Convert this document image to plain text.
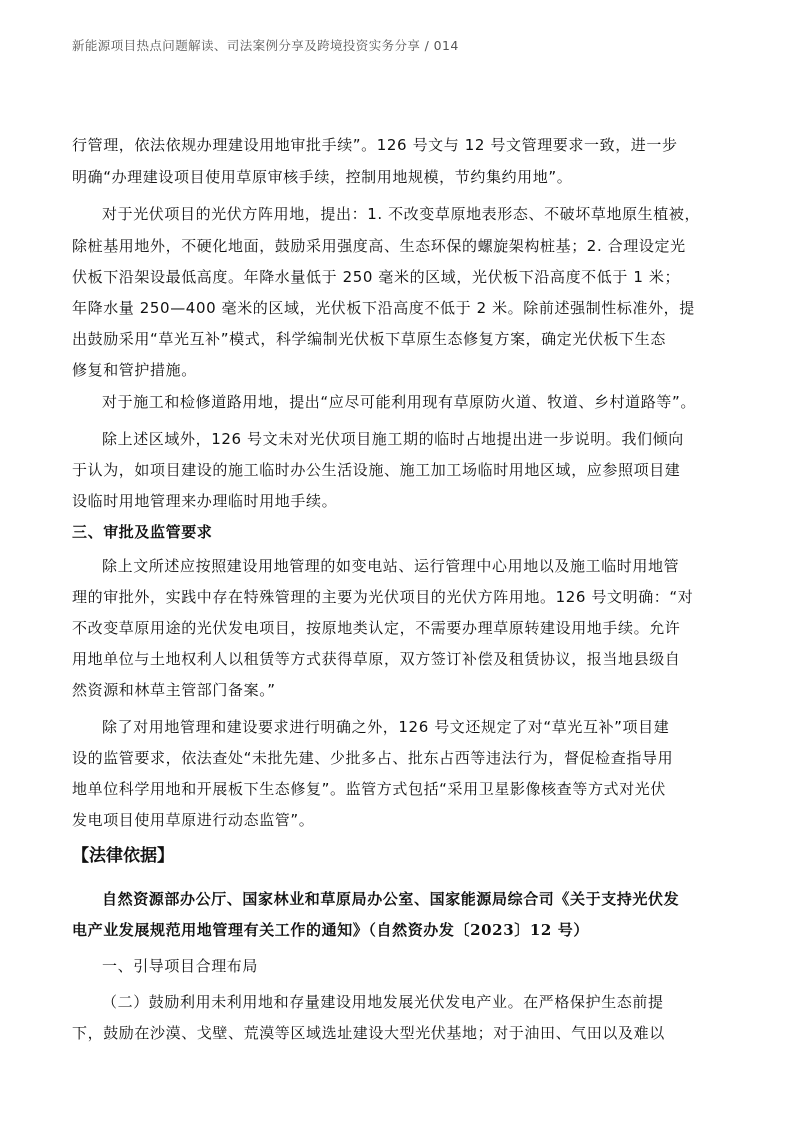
新能源项目热点问题解读、司法案例分享及跨境投资实务分享 / 014
行管理，依法依规办理建设用地审批手续”。126 号文与 12 号文管理要求一致，进一步
明确“办理建设项目使用草原审核手续，控制用地规模，节约集约用地”。
对于光伏项目的光伏方阵用地，提出：1. 不改变草原地表形态、不破坏草地原生植被，
除桩基用地外，不硬化地面，鼓励采用强度高、生态环保的螺旋架构桩基；2. 合理设定光
伏板下沿架设最低高度。年降水量低于 250 毫米的区域，光伏板下沿高度不低于 1 米；
年降水量 250—400 毫米的区域，光伏板下沿高度不低于 2 米。除前述强制性标准外，提
出鼓励采用“草光互补”模式，科学编制光伏板下草原生态修复方案，确定光伏板下生态
修复和管护措施。
对于施工和检修道路用地，提出“应尽可能利用现有草原防火道、牧道、乡村道路等”。
除上述区域外，126 号文未对光伏项目施工期的临时占地提出进一步说明。我们倾向
于认为，如项目建设的施工临时办公生活设施、施工加工场临时用地区域，应参照项目建
设临时用地管理来办理临时用地手续。
三、审批及监管要求
除上文所述应按照建设用地管理的如变电站、运行管理中心用地以及施工临时用地管
理的审批外，实践中存在特殊管理的主要为光伏项目的光伏方阵用地。126 号文明确：“对
不改变草原用途的光伏发电项目，按原地类认定，不需要办理草原转建设用地手续。允许
用地单位与土地权利人以租赁等方式获得草原，双方签订补偿及租赁协议，报当地县级自
然资源和林草主管部门备案。”
除了对用地管理和建设要求进行明确之外，126 号文还规定了对“草光互补”项目建
设的监管要求，依法查处“未批先建、少批多占、批东占西等违法行为，督促检查指导用
地单位科学用地和开展板下生态修复”。监管方式包括“采用卫星影像核查等方式对光伏
发电项目使用草原进行动态监管”。
【法律依据】
自然资源部办公厅、国家林业和草原局办公室、国家能源局综合司《关于支持光伏发
电产业发展规范用地管理有关工作的通知》（自然资办发〔2023〕12 号）
一、引导项目合理布局
（二）鼓励利用未利用地和存量建设用地发展光伏发电产业。在严格保护生态前提
下，鼓励在沙漠、戈壁、荒漠等区域选址建设大型光伏基地；对于油田、气田以及难以
